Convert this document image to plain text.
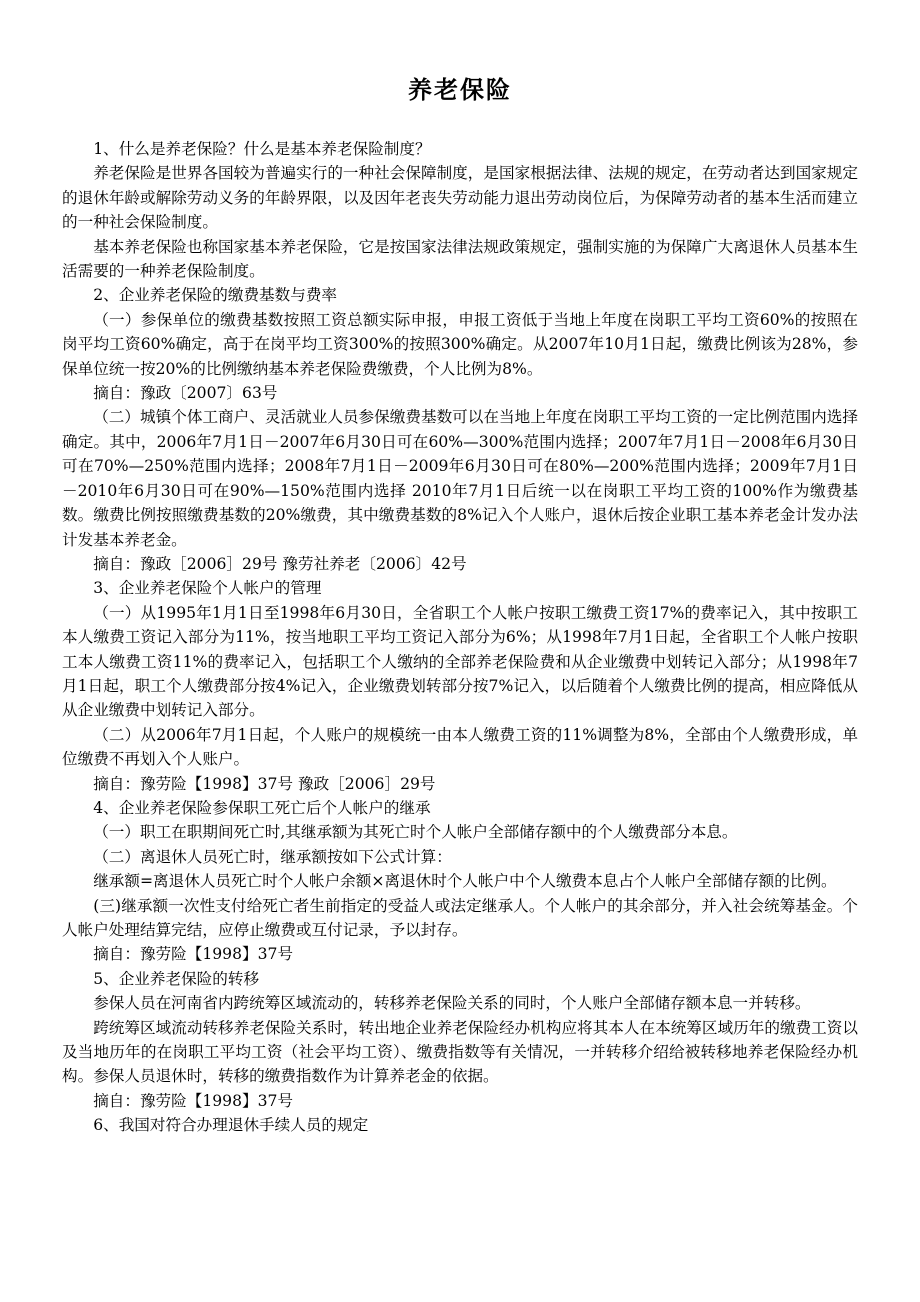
养老保险

1、什么是养老保险？什么是基本养老保险制度？

养老保险是世界各国较为普遍实行的一种社会保障制度，是国家根据法律、法规的规定，在劳动者达到国家规定的退休年龄或解除劳动义务的年龄界限，以及因年老丧失劳动能力退出劳动岗位后，为保障劳动者的基本生活而建立的一种社会保险制度。

基本养老保险也称国家基本养老保险，它是按国家法律法规政策规定，强制实施的为保障广大离退休人员基本生活需要的一种养老保险制度。

2、企业养老保险的缴费基数与费率

（一）参保单位的缴费基数按照工资总额实际申报，申报工资低于当地上年度在岗职工平均工资60%的按照在岗平均工资60%确定，高于在岗平均工资300%的按照300%确定。从2007年10月1日起，缴费比例该为28%，参保单位统一按20%的比例缴纳基本养老保险费缴费，个人比例为8%。

摘自：豫政〔2007〕63号

（二）城镇个体工商户、灵活就业人员参保缴费基数可以在当地上年度在岗职工平均工资的一定比例范围内选择确定。其中，2006年7月1日－2007年6月30日可在60%—300%范围内选择；2007年7月1日－2008年6月30日可在70%—250%范围内选择；2008年7月1日－2009年6月30日可在80%—200%范围内选择；2009年7月1日－2010年6月30日可在90%—150%范围内选择 2010年7月1日后统一以在岗职工平均工资的100%作为缴费基数。缴费比例按照缴费基数的20%缴费，其中缴费基数的8%记入个人账户，退休后按企业职工基本养老金计发办法计发基本养老金。

摘自：豫政［2006］29号 豫劳社养老〔2006〕42号

3、企业养老保险个人帐户的管理

（一）从1995年1月1日至1998年6月30日，全省职工个人帐户按职工缴费工资17%的费率记入，其中按职工本人缴费工资记入部分为11%，按当地职工平均工资记入部分为6%；从1998年7月1日起，全省职工个人帐户按职工本人缴费工资11%的费率记入，包括职工个人缴纳的全部养老保险费和从企业缴费中划转记入部分；从1998年7月1日起，职工个人缴费部分按4%记入，企业缴费划转部分按7%记入，以后随着个人缴费比例的提高，相应降低从从企业缴费中划转记入部分。

（二）从2006年7月1日起，个人账户的规模统一由本人缴费工资的11%调整为8%，全部由个人缴费形成，单位缴费不再划入个人账户。

摘自：豫劳险【1998】37号 豫政［2006］29号

4、企业养老保险参保职工死亡后个人帐户的继承

（一）职工在职期间死亡时,其继承额为其死亡时个人帐户全部储存额中的个人缴费部分本息。

（二）离退休人员死亡时，继承额按如下公式计算：

继承额=离退休人员死亡时个人帐户余额×离退休时个人帐户中个人缴费本息占个人帐户全部储存额的比例。

(三)继承额一次性支付给死亡者生前指定的受益人或法定继承人。个人帐户的其余部分，并入社会统筹基金。个人帐户处理结算完结，应停止缴费或互付记录，予以封存。

摘自：豫劳险【1998】37号

5、企业养老保险的转移

参保人员在河南省内跨统筹区域流动的，转移养老保险关系的同时，个人账户全部储存额本息一并转移。

跨统筹区域流动转移养老保险关系时，转出地企业养老保险经办机构应将其本人在本统筹区域历年的缴费工资以及当地历年的在岗职工平均工资（社会平均工资）、缴费指数等有关情况，一并转移介绍给被转移地养老保险经办机构。参保人员退休时，转移的缴费指数作为计算养老金的依据。

摘自：豫劳险【1998】37号

6、我国对符合办理退休手续人员的规定
